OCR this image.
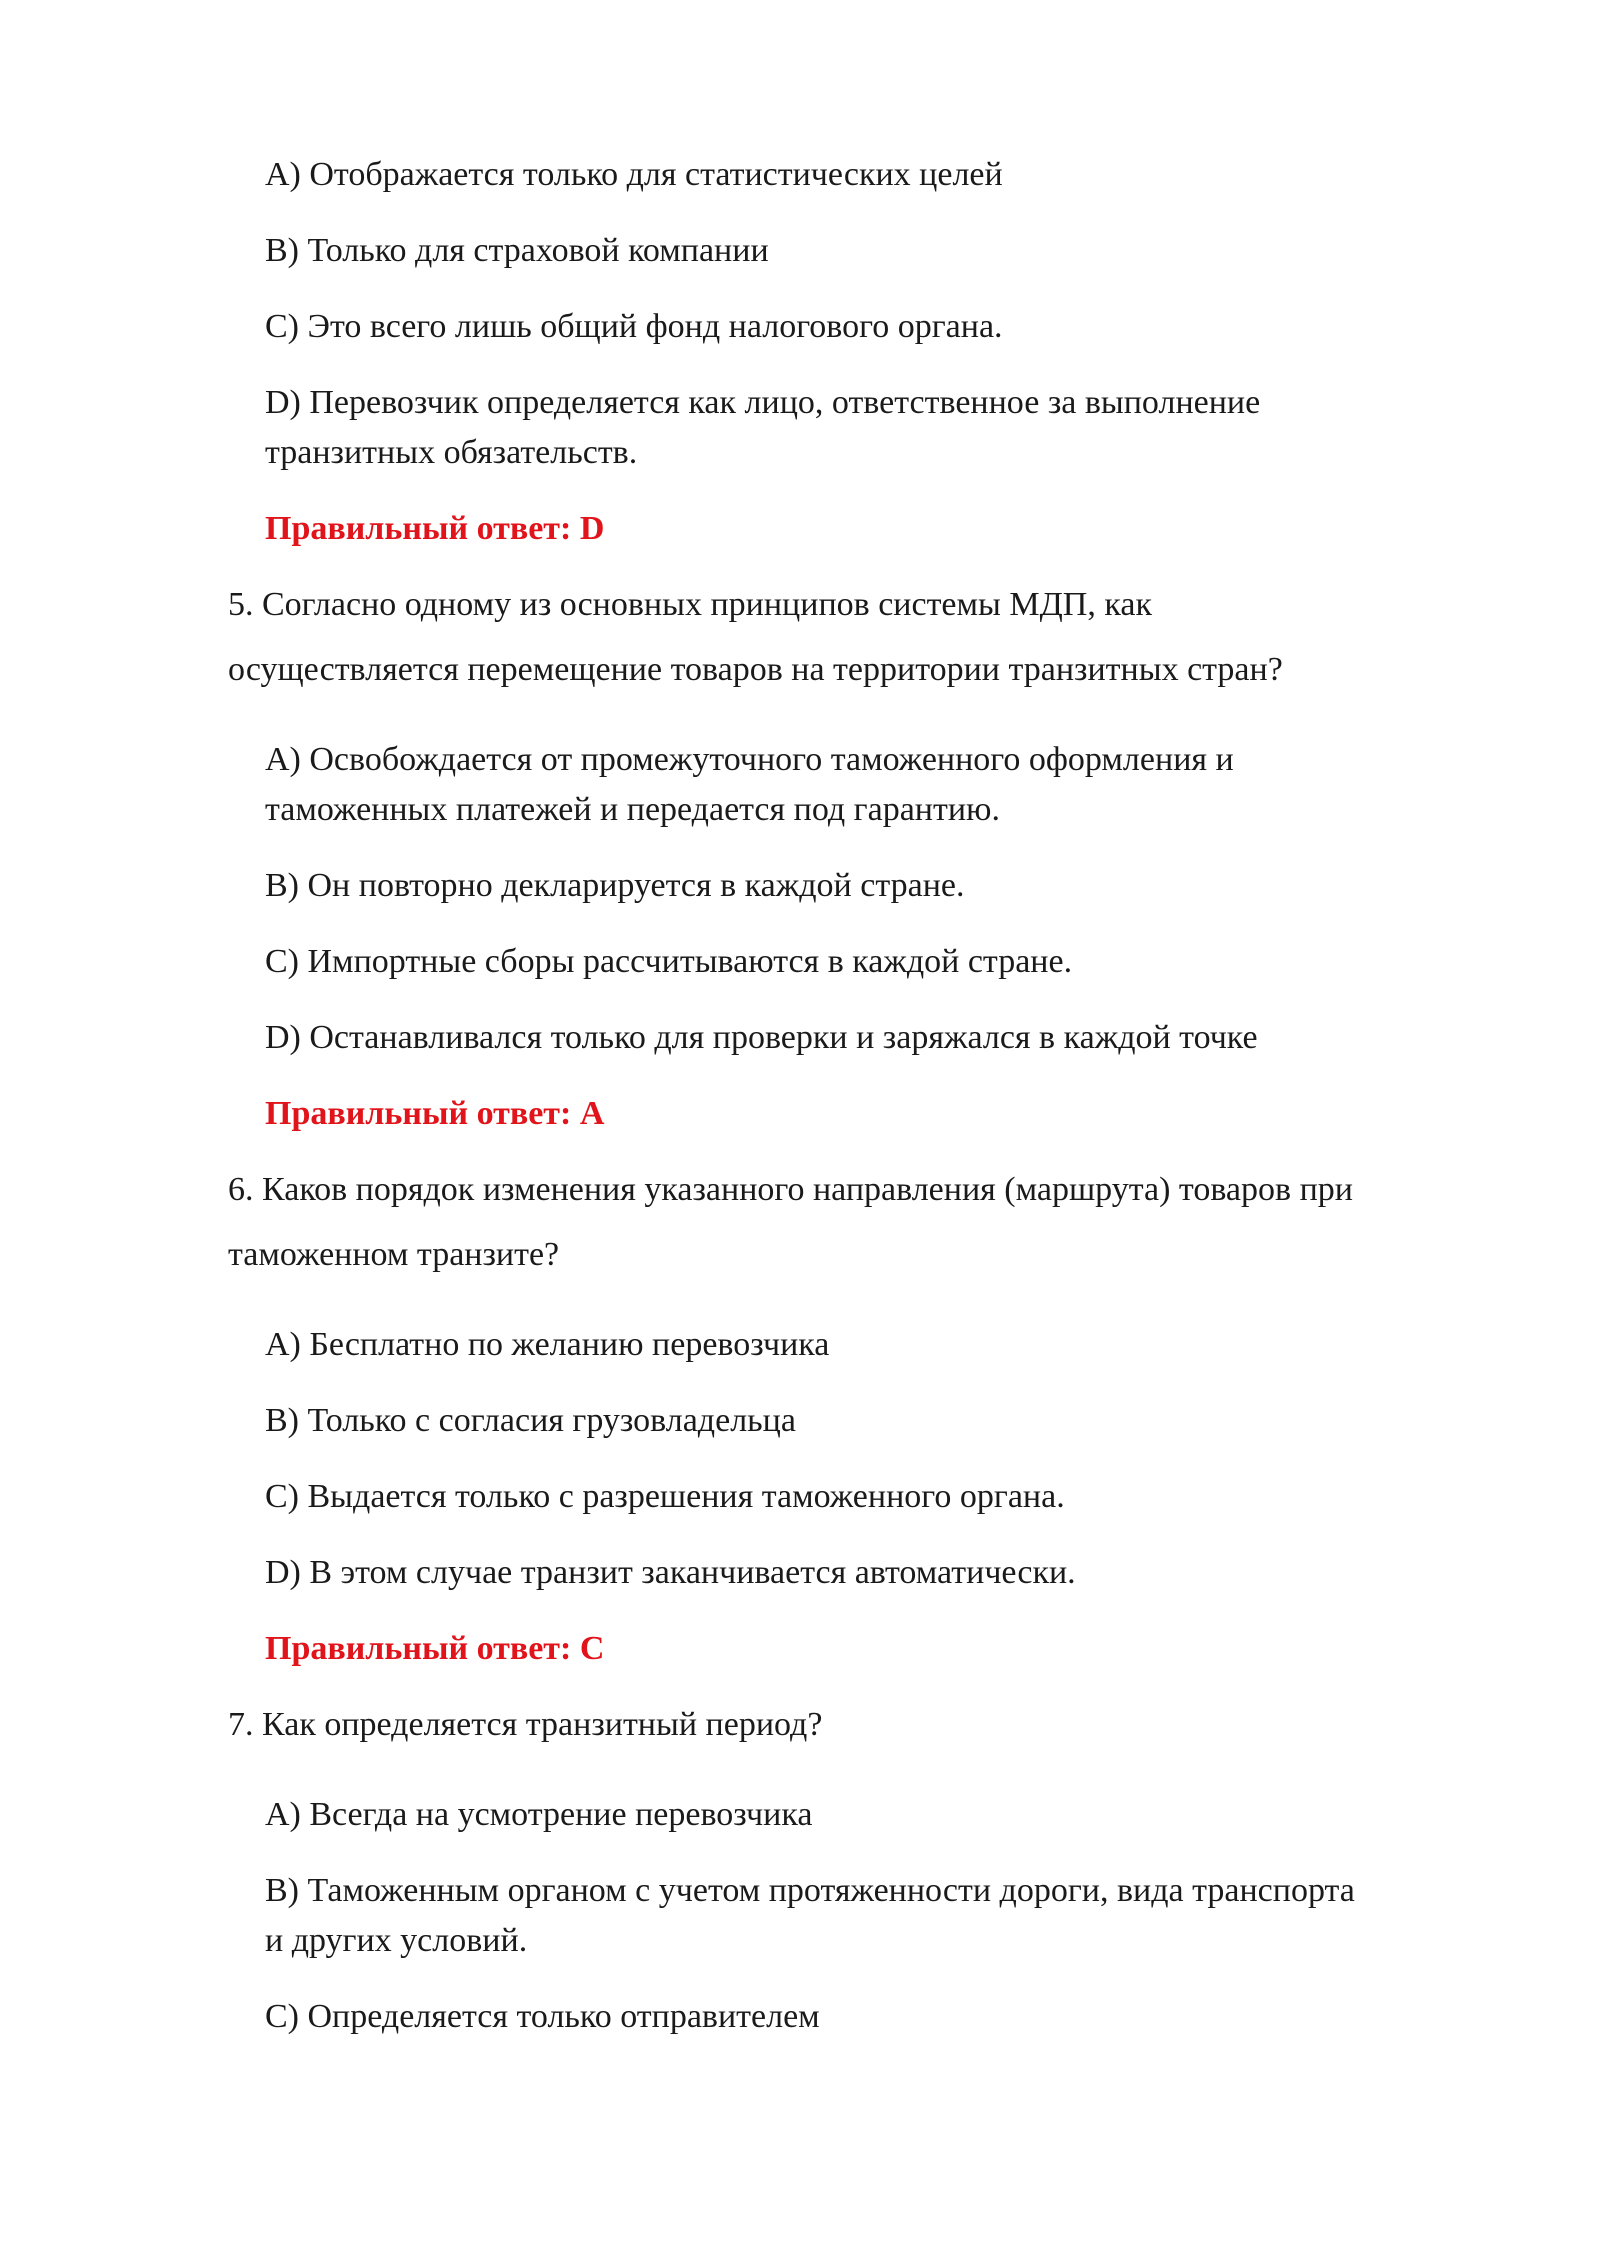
A) Отображается только для статистических целей
B) Только для страховой компании
C) Это всего лишь общий фонд налогового органа.
D) Перевозчик определяется как лицо, ответственное за выполнение
транзитных обязательств.
Правильный ответ: D
5. Согласно одному из основных принципов системы МДП, как
осуществляется перемещение товаров на территории транзитных стран?
A) Освобождается от промежуточного таможенного оформления и
таможенных платежей и передается под гарантию.
B) Он повторно декларируется в каждой стране.
C) Импортные сборы рассчитываются в каждой стране.
D) Останавливался только для проверки и заряжался в каждой точке
Правильный ответ: A
6. Каков порядок изменения указанного направления (маршрута) товаров при
таможенном транзите?
A) Бесплатно по желанию перевозчика
B) Только с согласия грузовладельца
C) Выдается только с разрешения таможенного органа.
D) В этом случае транзит заканчивается автоматически.
Правильный ответ: C
7. Как определяется транзитный период?
A) Всегда на усмотрение перевозчика
B) Таможенным органом с учетом протяженности дороги, вида транспорта
и других условий.
C) Определяется только отправителем
